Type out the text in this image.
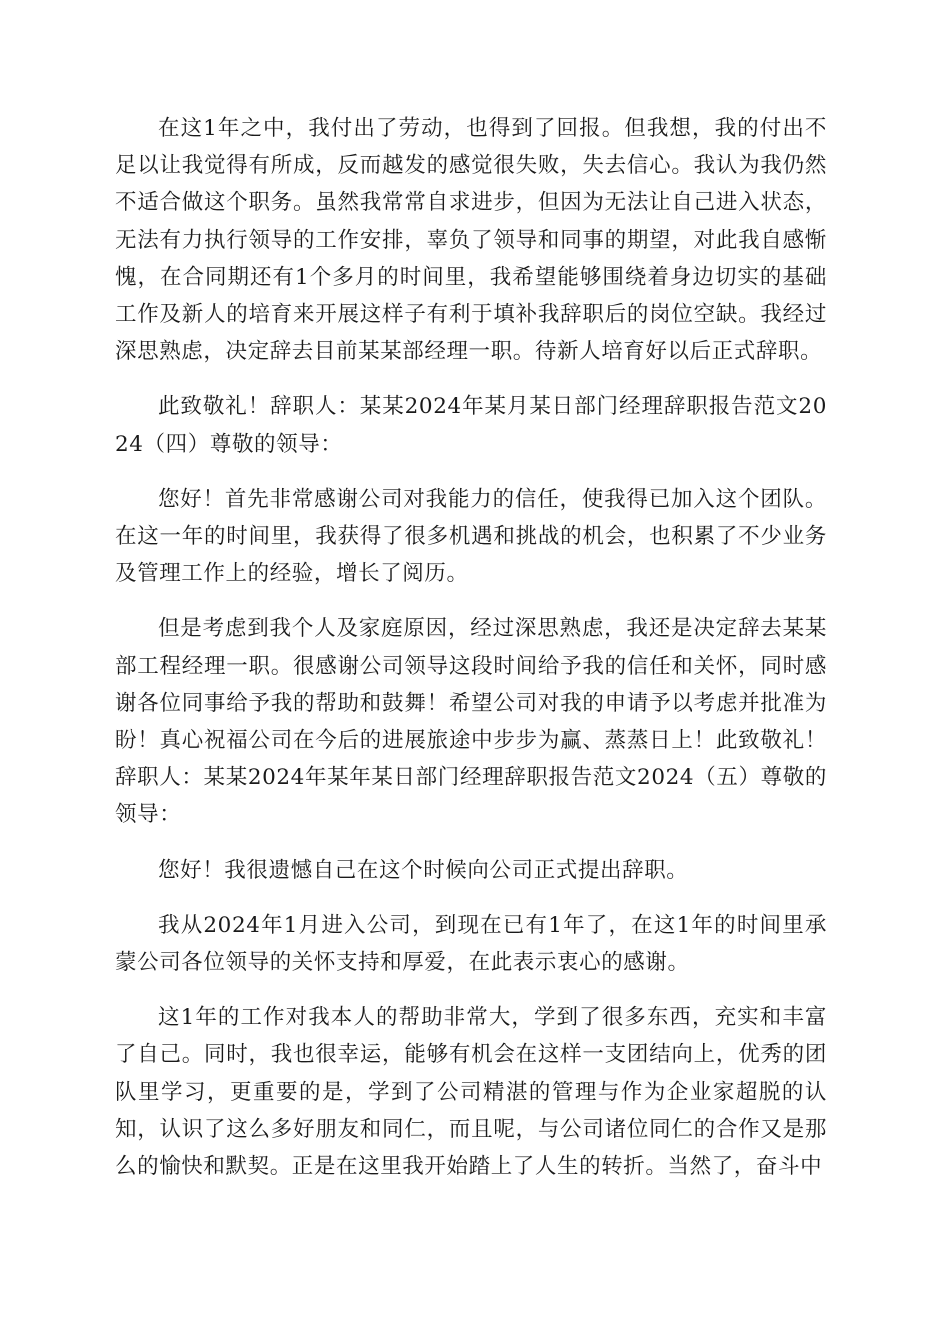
在这1年之中，我付出了劳动，也得到了回报。但我想，我的付出不足以让我觉得有所成，反而越发的感觉很失败，失去信心。我认为我仍然不适合做这个职务。虽然我常常自求进步，但因为无法让自己进入状态，无法有力执行领导的工作安排，辜负了领导和同事的期望，对此我自感惭愧，在合同期还有1个多月的时间里，我希望能够围绕着身边切实的基础工作及新人的培育来开展这样子有利于填补我辞职后的岗位空缺。我经过深思熟虑，决定辞去目前某某部经理一职。待新人培育好以后正式辞职。

此致敬礼！辞职人：某某2024年某月某日部门经理辞职报告范文2024（四）尊敬的领导：

您好！首先非常感谢公司对我能力的信任，使我得已加入这个团队。在这一年的时间里，我获得了很多机遇和挑战的机会，也积累了不少业务及管理工作上的经验，增长了阅历。

但是考虑到我个人及家庭原因，经过深思熟虑，我还是决定辞去某某部工程经理一职。很感谢公司领导这段时间给予我的信任和关怀，同时感谢各位同事给予我的帮助和鼓舞！希望公司对我的申请予以考虑并批准为盼！真心祝福公司在今后的进展旅途中步步为赢、蒸蒸日上！此致敬礼！辞职人：某某2024年某年某日部门经理辞职报告范文2024（五）尊敬的领导：

您好！我很遗憾自己在这个时候向公司正式提出辞职。

我从2024年1月进入公司，到现在已有1年了，在这1年的时间里承蒙公司各位领导的关怀支持和厚爱，在此表示衷心的感谢。

这1年的工作对我本人的帮助非常大，学到了很多东西，充实和丰富了自己。同时，我也很幸运，能够有机会在这样一支团结向上，优秀的团队里学习，更重要的是，学到了公司精湛的管理与作为企业家超脱的认知，认识了这么多好朋友和同仁，而且呢，与公司诸位同仁的合作又是那么的愉快和默契。正是在这里我开始踏上了人生的转折。当然了，奋斗中
